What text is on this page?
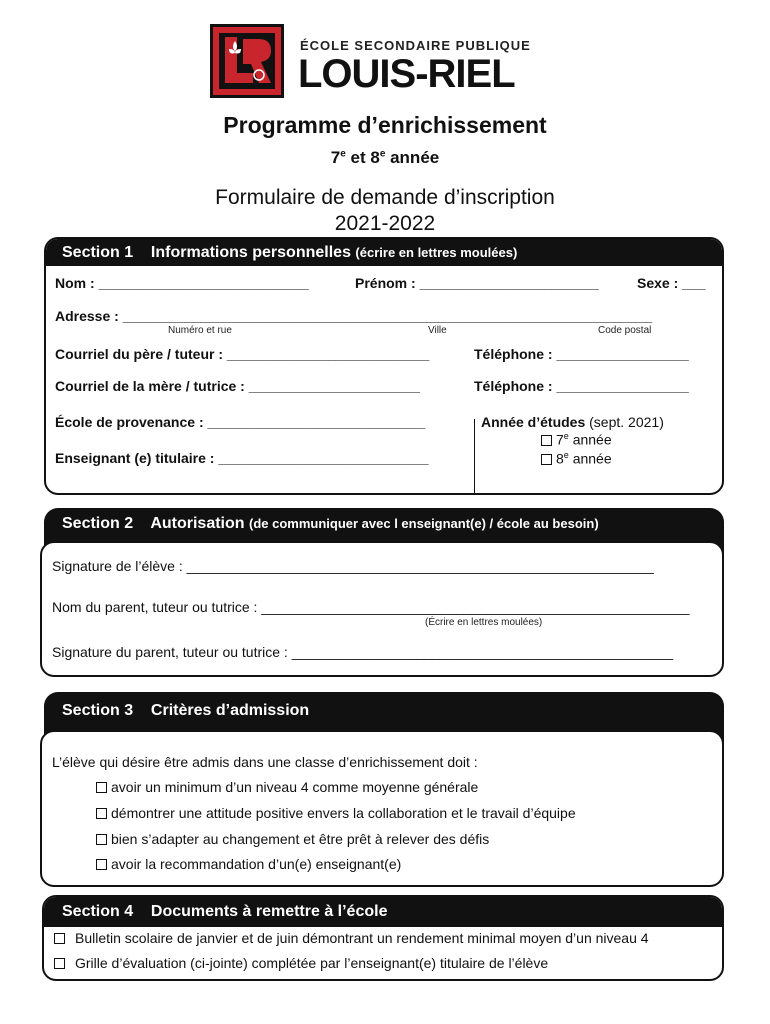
ÉCOLE SECONDAIRE PUBLIQUE
LOUIS-RIEL
Programme d’enrichissement
7e et 8e année
Formulaire de demande d’inscription
2021-2022
Section 1 Informations personnelles (écrire en lettres moulées)
Nom : ___________________________	Prénom : _______________________	Sexe : ___
Adresse : ____________________________________________________________________
Numéro et rue	Ville	Code postal
Courriel du père / tuteur : __________________________	Téléphone : _________________
Courriel de la mère / tutrice : ______________________	Téléphone : _________________
École de provenance : ____________________________
Enseignant (e) titulaire : ___________________________
Année d’études (sept. 2021)
7e année
8e année
Section 2 Autorisation (de communiquer avec l enseignant(e) / école au besoin)
Signature de l’élève : ____________________________________________________________
Nom du parent, tuteur ou tutrice : _______________________________________________________
(Écrire en lettres moulées)
Signature du parent, tuteur ou tutrice : _________________________________________________
Section 3 Critères d’admission
L’élève qui désire être admis dans une classe d’enrichissement doit :
avoir un minimum d’un niveau 4 comme moyenne générale
démontrer une attitude positive envers la collaboration et le travail d’équipe
bien s’adapter au changement et être prêt à relever des défis
avoir la recommandation d’un(e) enseignant(e)
Section 4 Documents à remettre à l’école
Bulletin scolaire de janvier et de juin démontrant un rendement minimal moyen d’un niveau 4
Grille d’évaluation (ci-jointe) complétée par l’enseignant(e) titulaire de l’élève
